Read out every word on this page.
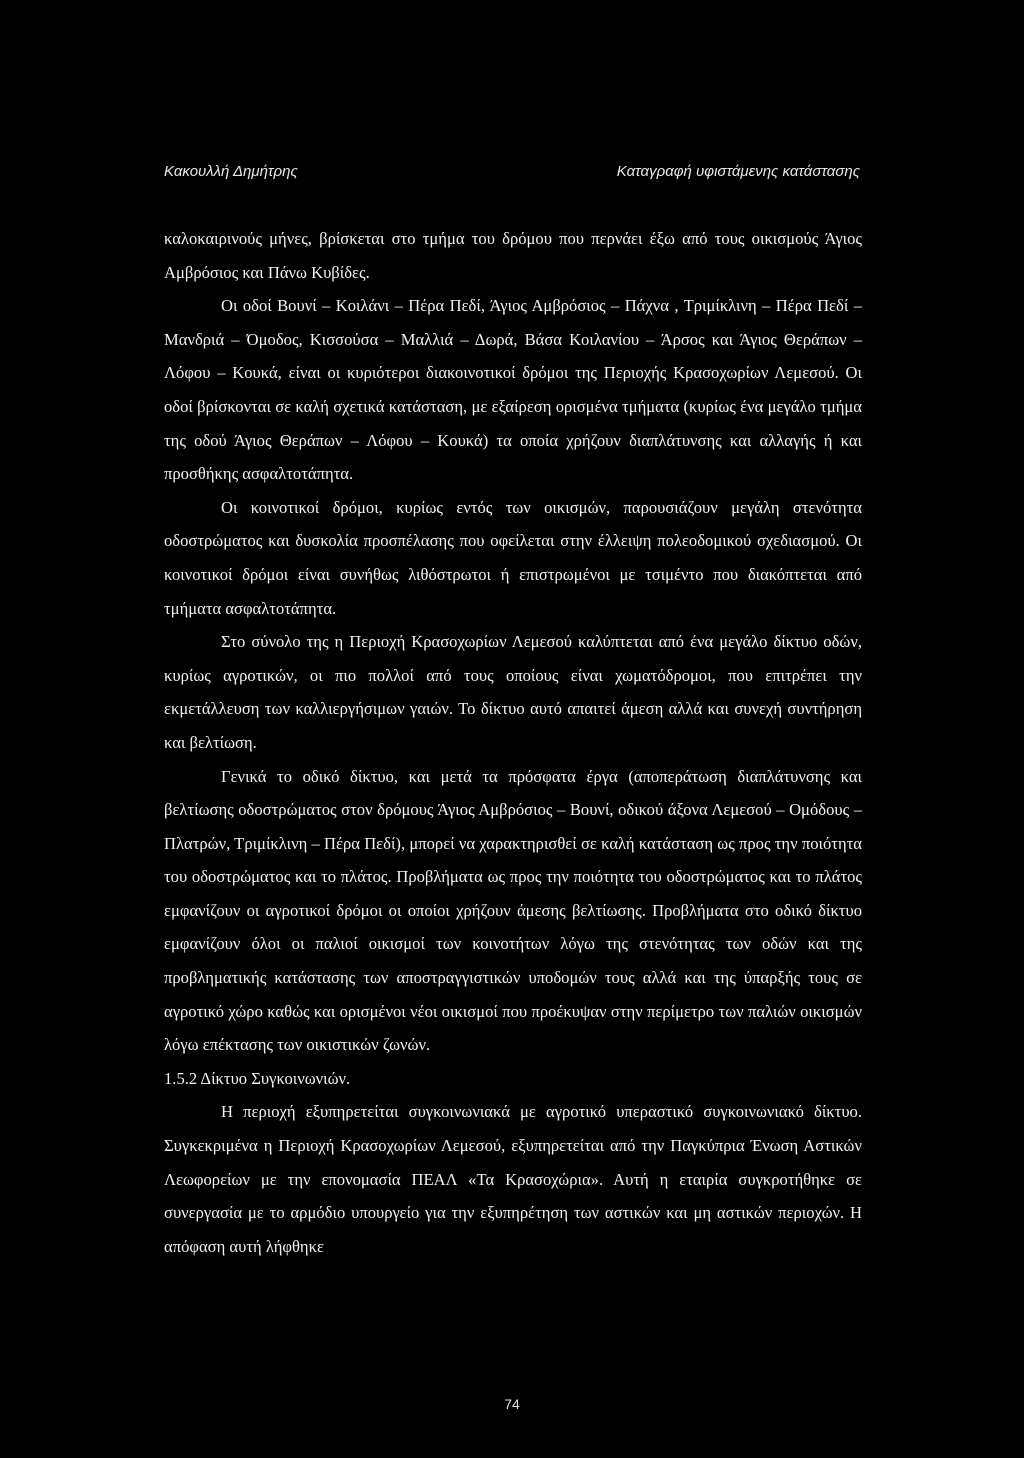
Κακουλλή Δημήτρης	Καταγραφή υφιστάμενης κατάστασης

καλοκαιρινούς μήνες, βρίσκεται στο τμήμα του δρόμου που περνάει έξω από τους οικισμούς Άγιος Αμβρόσιος και Πάνω Κυβίδες.

Οι οδοί Βουνί – Κοιλάνι – Πέρα Πεδί, Άγιος Αμβρόσιος – Πάχνα , Τριμίκλινη – Πέρα Πεδί –Μανδριά – Όμοδος, Κισσούσα – Μαλλιά – Δωρά, Βάσα Κοιλανίου – Άρσος και Άγιος Θεράπων – Λόφου – Κουκά, είναι οι κυριότεροι διακοινοτικοί δρόμοι της Περιοχής Κρασοχωρίων Λεμεσού. Οι οδοί βρίσκονται σε καλή σχετικά κατάσταση, με εξαίρεση ορισμένα τμήματα (κυρίως ένα μεγάλο τμήμα της οδού Άγιος Θεράπων – Λόφου – Κουκά) τα οποία χρήζουν διαπλάτυνσης και αλλαγής ή και προσθήκης ασφαλτοτάπητα.

Οι κοινοτικοί δρόμοι, κυρίως εντός των οικισμών, παρουσιάζουν μεγάλη στενότητα οδοστρώματος και δυσκολία προσπέλασης που οφείλεται στην έλλειψη πολεοδομικού σχεδιασμού. Οι κοινοτικοί δρόμοι είναι συνήθως λιθόστρωτοι ή επιστρωμένοι με τσιμέντο που διακόπτεται από τμήματα ασφαλτοτάπητα.

Στο σύνολο της η Περιοχή Κρασοχωρίων Λεμεσού καλύπτεται από ένα μεγάλο δίκτυο οδών, κυρίως αγροτικών, οι πιο πολλοί από τους οποίους είναι χωματόδρομοι, που επιτρέπει την εκμετάλλευση των καλλιεργήσιμων γαιών. Το δίκτυο αυτό απαιτεί άμεση αλλά και συνεχή συντήρηση και βελτίωση.

Γενικά το οδικό δίκτυο, και μετά τα πρόσφατα έργα (αποπεράτωση διαπλάτυνσης και βελτίωσης οδοστρώματος στον δρόμους Άγιος Αμβρόσιος – Βουνί, οδικού άξονα Λεμεσού – Ομόδους – Πλατρών, Τριμίκλινη – Πέρα Πεδί), μπορεί να χαρακτηρισθεί σε καλή κατάσταση ως προς την ποιότητα του οδοστρώματος και το πλάτος. Προβλήματα ως προς την ποιότητα του οδοστρώματος και το πλάτος εμφανίζουν οι αγροτικοί δρόμοι οι οποίοι χρήζουν άμεσης βελτίωσης. Προβλήματα στο οδικό δίκτυο εμφανίζουν όλοι οι παλιοί οικισμοί των κοινοτήτων λόγω της στενότητας των οδών και της προβληματικής κατάστασης των αποστραγγιστικών υποδομών τους αλλά και της ύπαρξής τους σε αγροτικό χώρο καθώς και ορισμένοι νέοι οικισμοί που προέκυψαν στην περίμετρο των παλιών οικισμών λόγω επέκτασης των οικιστικών ζωνών.

1.5.2 Δίκτυο Συγκοινωνιών.

Η περιοχή εξυπηρετείται συγκοινωνιακά με αγροτικό υπεραστικό συγκοινωνιακό δίκτυο. Συγκεκριμένα η Περιοχή Κρασοχωρίων Λεμεσού, εξυπηρετείται από την Παγκύπρια Ένωση Αστικών Λεωφορείων με την επονομασία ΠΕΑΛ «Τα Κρασοχώρια». Αυτή η εταιρία συγκροτήθηκε σε συνεργασία με το αρμόδιο υπουργείο για την εξυπηρέτηση των αστικών και μη αστικών περιοχών. Η απόφαση αυτή λήφθηκε

74
